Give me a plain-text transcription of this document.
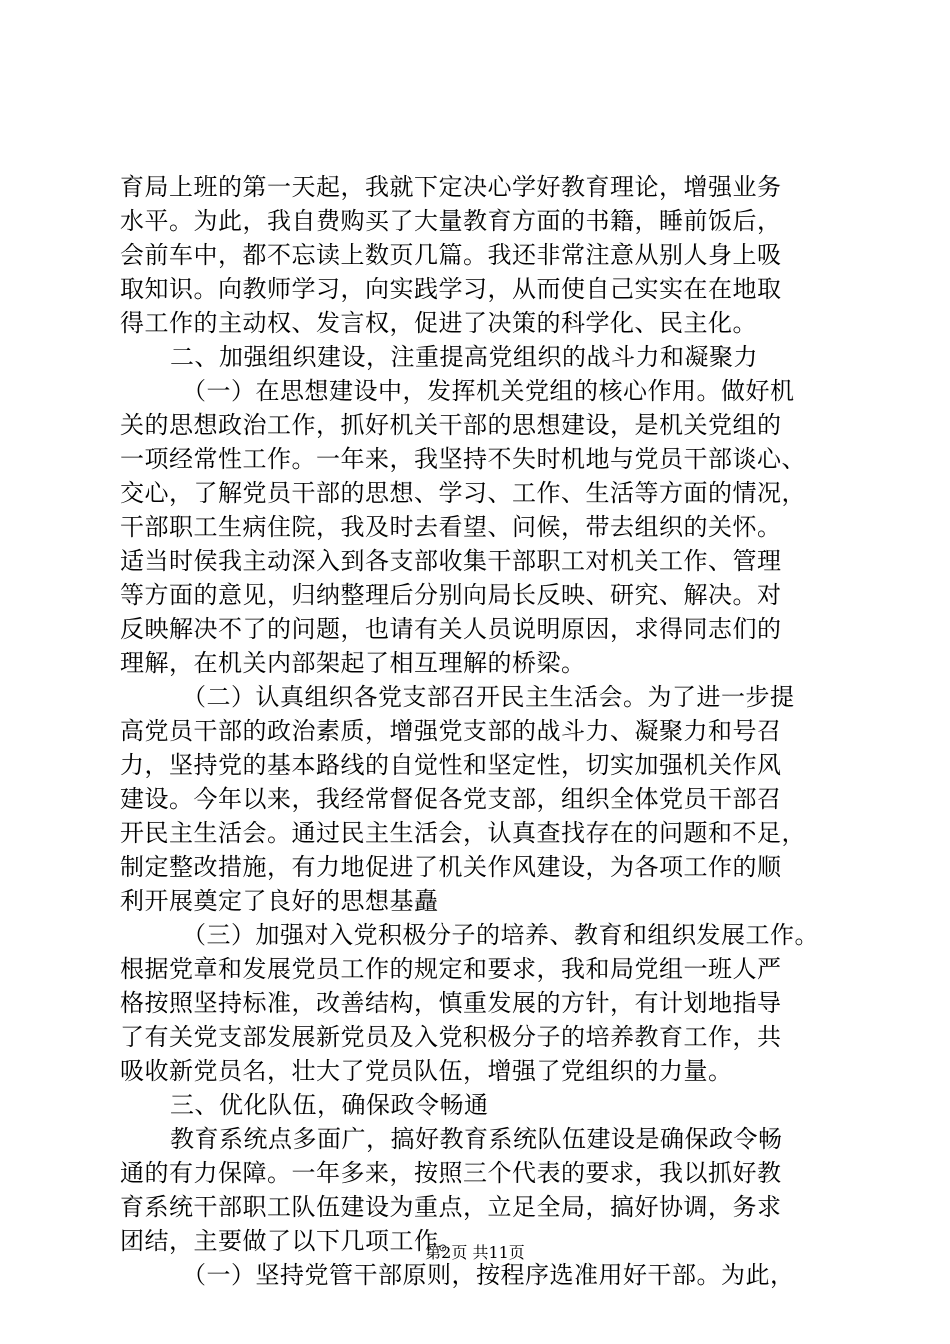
育局上班的第一天起，我就下定决心学好教育理论，增强业务
水平。为此，我自费购买了大量教育方面的书籍，睡前饭后，
会前车中，都不忘读上数页几篇。我还非常注意从别人身上吸
取知识。向教师学习，向实践学习，从而使自己实实在在地取
得工作的主动权、发言权，促进了决策的科学化、民主化。
二、加强组织建设，注重提高党组织的战斗力和凝聚力
（一）在思想建设中，发挥机关党组的核心作用。做好机
关的思想政治工作，抓好机关干部的思想建设，是机关党组的
一项经常性工作。一年来，我坚持不失时机地与党员干部谈心、
交心，了解党员干部的思想、学习、工作、生活等方面的情况，
干部职工生病住院，我及时去看望、问候，带去组织的关怀。
适当时侯我主动深入到各支部收集干部职工对机关工作、管理
等方面的意见，归纳整理后分别向局长反映、研究、解决。对
反映解决不了的问题，也请有关人员说明原因，求得同志们的
理解，在机关内部架起了相互理解的桥梁。
（二）认真组织各党支部召开民主生活会。为了进一步提
高党员干部的政治素质，增强党支部的战斗力、凝聚力和号召
力，坚持党的基本路线的自觉性和坚定性，切实加强机关作风
建设。今年以来，我经常督促各党支部，组织全体党员干部召
开民主生活会。通过民主生活会，认真查找存在的问题和不足，
制定整改措施，有力地促进了机关作风建设，为各项工作的顺
利开展奠定了良好的思想基矗
（三）加强对入党积极分子的培养、教育和组织发展工作。
根据党章和发展党员工作的规定和要求，我和局党组一班人严
格按照坚持标准，改善结构，慎重发展的方针，有计划地指导
了有关党支部发展新党员及入党积极分子的培养教育工作，共
吸收新党员名，壮大了党员队伍，增强了党组织的力量。
三、优化队伍，确保政令畅通
教育系统点多面广，搞好教育系统队伍建设是确保政令畅
通的有力保障。一年多来，按照三个代表的要求，我以抓好教
育系统干部职工队伍建设为重点，立足全局，搞好协调，务求
团结，主要做了以下几项工作。
（一）坚持党管干部原则，按程序选准用好干部。为此，
第2页 共11页
